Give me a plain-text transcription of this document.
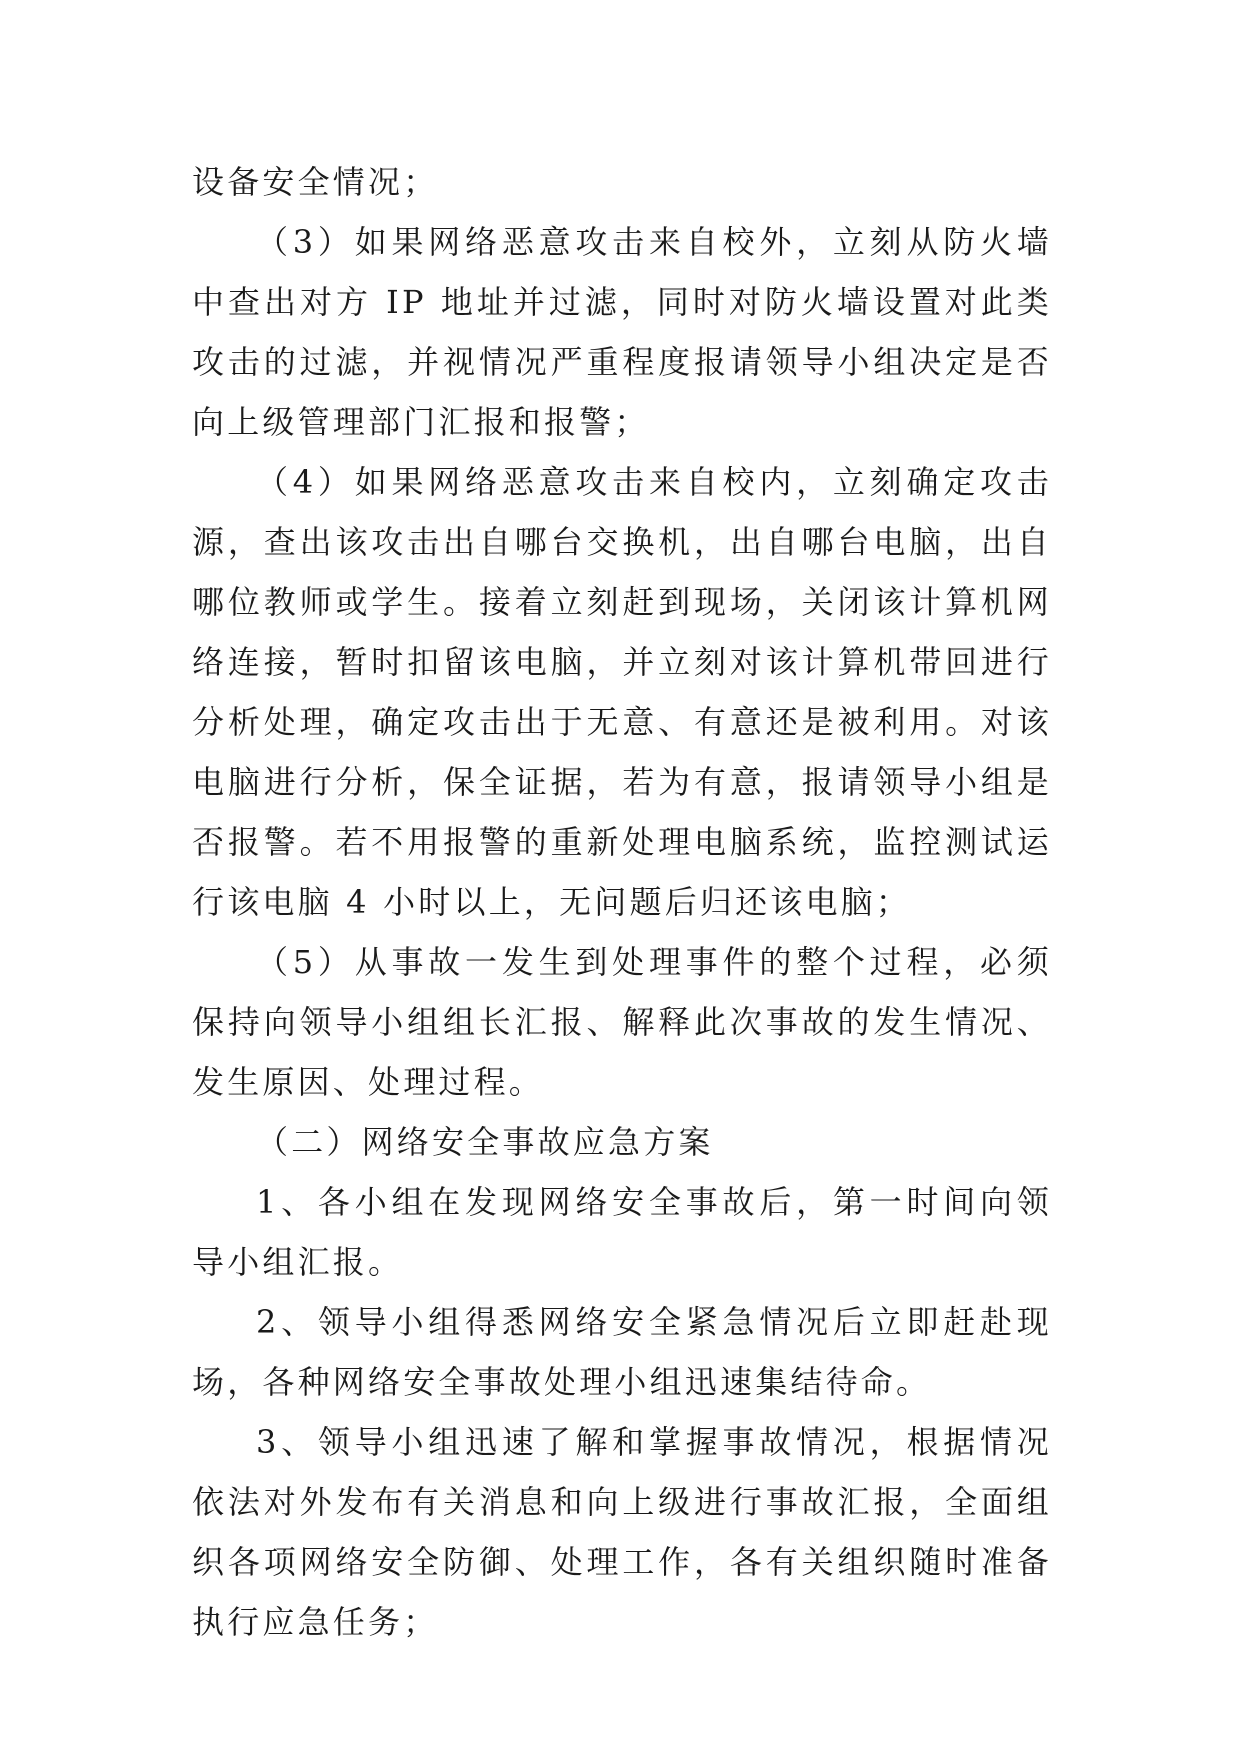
设备安全情况；

（3）如果网络恶意攻击来自校外，立刻从防火墙中查出对方 IP 地址并过滤，同时对防火墙设置对此类攻击的过滤，并视情况严重程度报请领导小组决定是否向上级管理部门汇报和报警；

（4）如果网络恶意攻击来自校内，立刻确定攻击源，查出该攻击出自哪台交换机，出自哪台电脑，出自哪位教师或学生。接着立刻赶到现场，关闭该计算机网络连接，暂时扣留该电脑，并立刻对该计算机带回进行分析处理，确定攻击出于无意、有意还是被利用。对该电脑进行分析，保全证据，若为有意，报请领导小组是否报警。若不用报警的重新处理电脑系统，监控测试运行该电脑 4 小时以上，无问题后归还该电脑；

（5）从事故一发生到处理事件的整个过程，必须保持向领导小组组长汇报、解释此次事故的发生情况、发生原因、处理过程。

（二）网络安全事故应急方案

1、各小组在发现网络安全事故后，第一时间向领导小组汇报。

2、领导小组得悉网络安全紧急情况后立即赶赴现场，各种网络安全事故处理小组迅速集结待命。

3、领导小组迅速了解和掌握事故情况，根据情况依法对外发布有关消息和向上级进行事故汇报，全面组织各项网络安全防御、处理工作，各有关组织随时准备执行应急任务；
